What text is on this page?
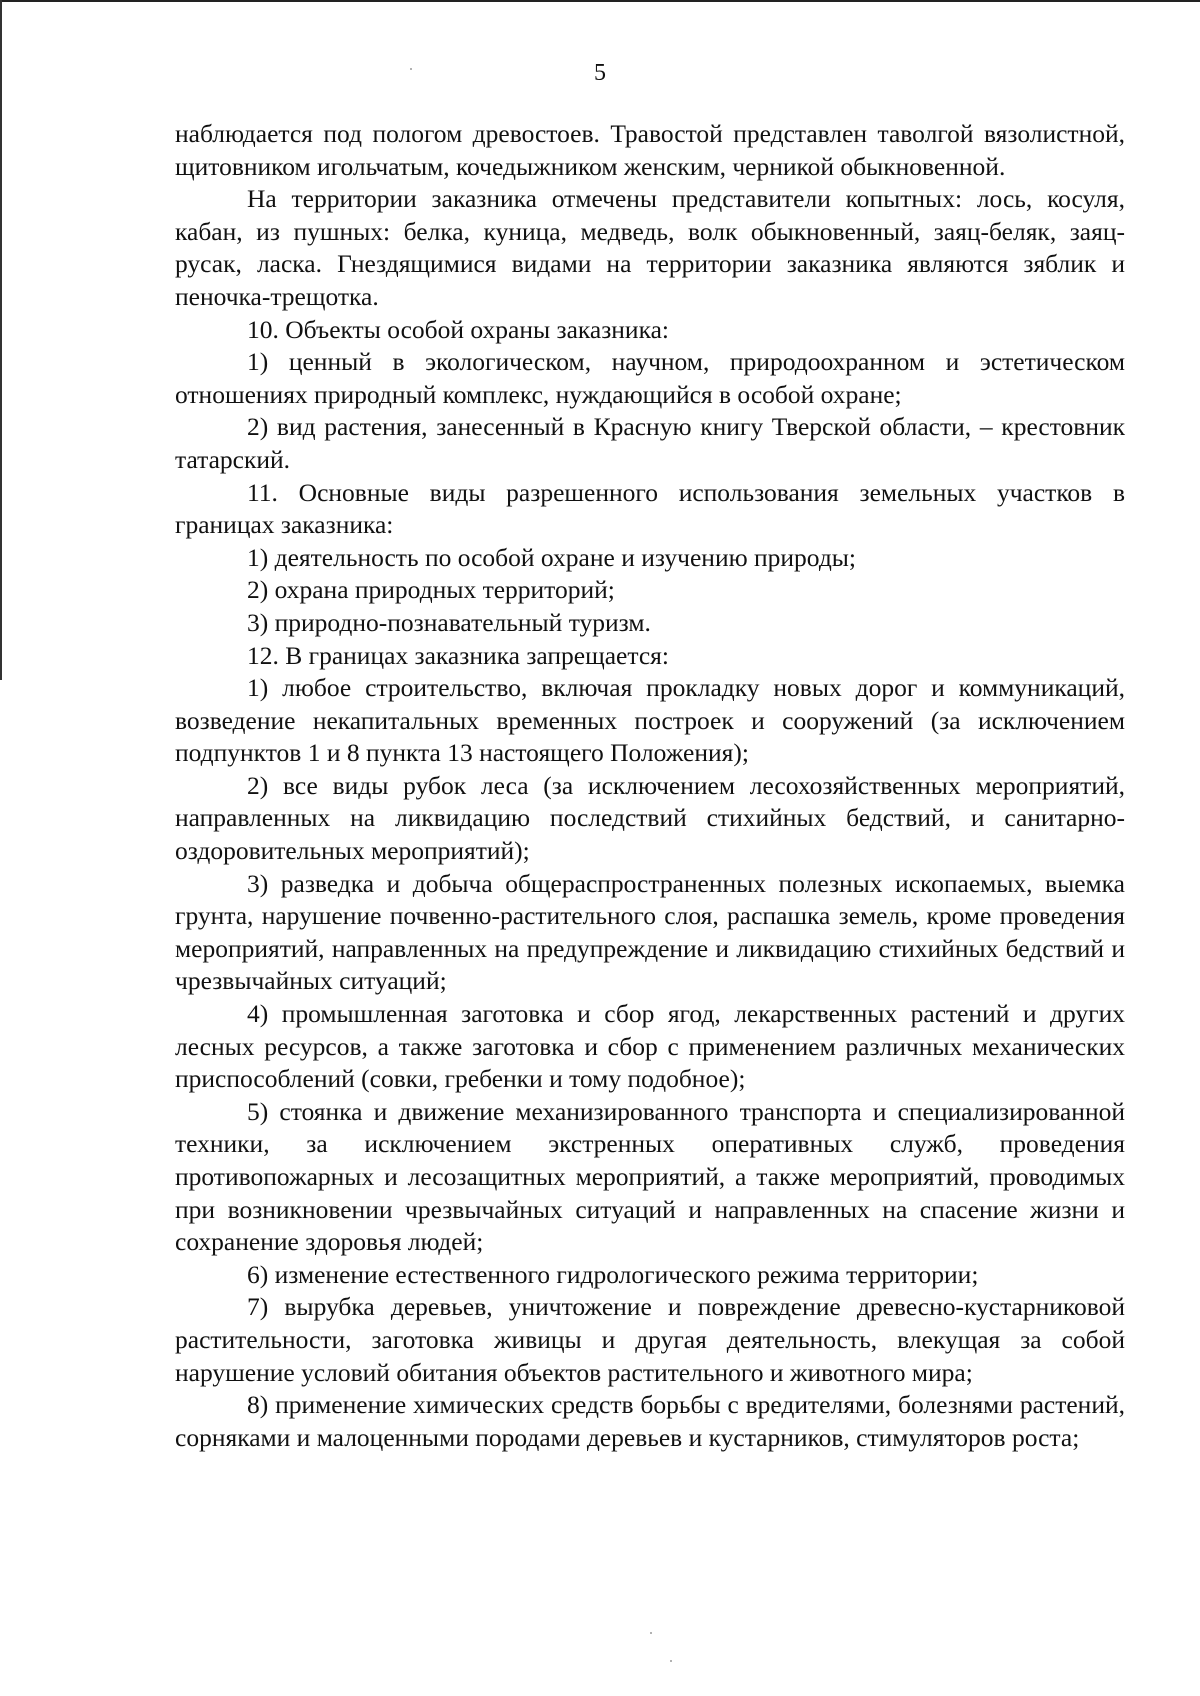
5

наблюдается под пологом древостоев. Травостой представлен таволгой вязолистной, щитовником игольчатым, кочедыжником женским, черникой обыкновенной.

На территории заказника отмечены представители копытных: лось, косуля, кабан, из пушных: белка, куница, медведь, волк обыкновенный, заяц-беляк, заяц-русак, ласка. Гнездящимися видами на территории заказника являются зяблик и пеночка-трещотка.

10. Объекты особой охраны заказника:

1) ценный в экологическом, научном, природоохранном и эстетическом отношениях природный комплекс, нуждающийся в особой охране;

2) вид растения, занесенный в Красную книгу Тверской области, – крестовник татарский.

11. Основные виды разрешенного использования земельных участков в границах заказника:

1) деятельность по особой охране и изучению природы;

2) охрана природных территорий;

3) природно-познавательный туризм.

12. В границах заказника запрещается:

1) любое строительство, включая прокладку новых дорог и коммуникаций, возведение некапитальных временных построек и сооружений (за исключением подпунктов 1 и 8 пункта 13 настоящего Положения);

2) все виды рубок леса (за исключением лесохозяйственных мероприятий, направленных на ликвидацию последствий стихийных бедствий, и санитарно-оздоровительных мероприятий);

3) разведка и добыча общераспространенных полезных ископаемых, выемка грунта, нарушение почвенно-растительного слоя, распашка земель, кроме проведения мероприятий, направленных на предупреждение и ликвидацию стихийных бедствий и чрезвычайных ситуаций;

4) промышленная заготовка и сбор ягод, лекарственных растений и других лесных ресурсов, а также заготовка и сбор с применением различных механических приспособлений (совки, гребенки и тому подобное);

5) стоянка и движение механизированного транспорта и специализированной техники, за исключением экстренных оперативных служб, проведения противопожарных и лесозащитных мероприятий, а также мероприятий, проводимых при возникновении чрезвычайных ситуаций и направленных на спасение жизни и сохранение здоровья людей;

6) изменение естественного гидрологического режима территории;

7) вырубка деревьев, уничтожение и повреждение древесно-кустарниковой растительности, заготовка живицы и другая деятельность, влекущая за собой нарушение условий обитания объектов растительного и животного мира;

8) применение химических средств борьбы с вредителями, болезнями растений, сорняками и малоценными породами деревьев и кустарников, стимуляторов роста;
